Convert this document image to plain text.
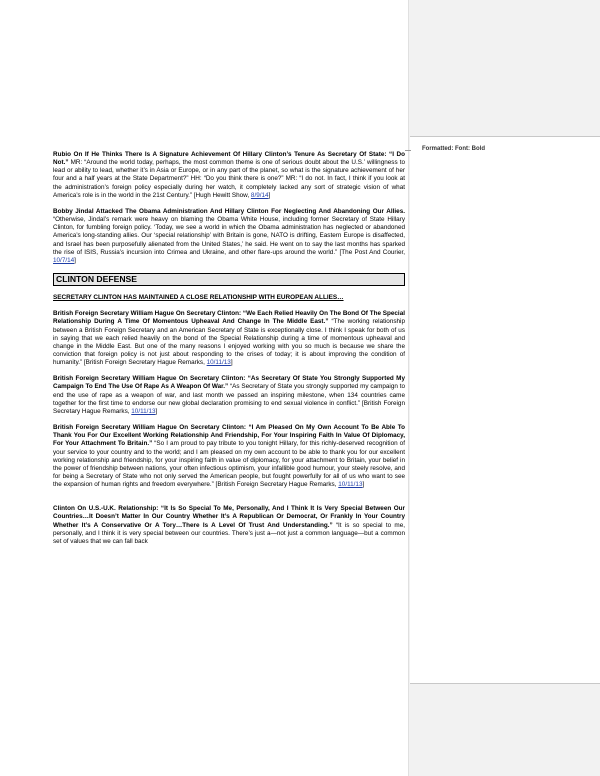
Formatted: Font: Bold

Rubio On If He Thinks There Is A Signature Achievement Of Hillary Clinton’s Tenure As Secretary Of State: “I Do Not.” MR: “Around the world today, perhaps, the most common theme is one of serious doubt about the U.S.’ willingness to lead or ability to lead, whether it’s in Asia or Europe, or in any part of the planet, so what is the signature achievement of her four and a half years at the State Department?” HH: “Do you think there is one?” MR: “I do not. In fact, I think if you look at the administration’s foreign policy especially during her watch, it completely lacked any sort of strategic vision of what America’s role is in the world in the 21st Century.” [Hugh Hewitt Show, 8/9/14]

Bobby Jindal Attacked The Obama Administration And Hillary Clinton For Neglecting And Abandoning Our Allies. “Otherwise, Jindal’s remark were heavy on blaming the Obama White House, including former Secretary of State Hillary Clinton, for fumbling foreign policy. ‘Today, we see a world in which the Obama administration has neglected or abandoned America’s long-standing allies. Our ‘special relationship’ with Britain is gone, NATO is drifting, Eastern Europe is disaffected, and Israel has been purposefully alienated from the United States,’ he said. He went on to say the last months has sparked the rise of ISIS, Russia’s incursion into Crimea and Ukraine, and other flare-ups around the world.” [The Post And Courier, 10/7/14]

CLINTON DEFENSE
SECRETARY CLINTON HAS MAINTAINED A CLOSE RELATIONSHIP WITH EUROPEAN ALLIES…

British Foreign Secretary William Hague On Secretary Clinton: “We Each Relied Heavily On The Bond Of The Special Relationship During A Time Of Momentous Upheaval And Change In The Middle East.” “The working relationship between a British Foreign Secretary and an American Secretary of State is exceptionally close. I think I speak for both of us in saying that we each relied heavily on the bond of the Special Relationship during a time of momentous upheaval and change in the Middle East. But one of the many reasons I enjoyed working with you so much is because we share the conviction that foreign policy is not just about responding to the crises of today; it is about improving the condition of humanity.” [British Foreign Secretary Hague Remarks, 10/11/13]

British Foreign Secretary William Hague On Secretary Clinton: “As Secretary Of State You Strongly Supported My Campaign To End The Use Of Rape As A Weapon Of War.” “As Secretary of State you strongly supported my campaign to end the use of rape as a weapon of war, and last month we passed an inspiring milestone, when 134 countries came together for the first time to endorse our new global declaration promising to end sexual violence in conflict.” [British Foreign Secretary Hague Remarks, 10/11/13]

British Foreign Secretary William Hague On Secretary Clinton: “I Am Pleased On My Own Account To Be Able To Thank You For Our Excellent Working Relationship And Friendship, For Your Inspiring Faith In Value Of Diplomacy, For Your Attachment To Britain.” “So I am proud to pay tribute to you tonight Hillary, for this richly-deserved recognition of your service to your country and to the world; and I am pleased on my own account to be able to thank you for our excellent working relationship and friendship, for your inspiring faith in value of diplomacy, for your attachment to Britain, your belief in the power of friendship between nations, your often infectious optimism, your infallible good humour, your steely resolve, and for being a Secretary of State who not only served the American people, but fought powerfully for all of us who want to see the expansion of human rights and freedom everywhere.” [British Foreign Secretary Hague Remarks, 10/11/13]

Clinton On U.S.-U.K. Relationship: “It Is So Special To Me, Personally, And I Think It Is Very Special Between Our Countries…It Doesn’t Matter In Our Country Whether It’s A Republican Or Democrat, Or Frankly In Your Country Whether It’s A Conservative Or A Tory…There Is A Level Of Trust And Understanding.” “It is so special to me, personally, and I think it is very special between our countries. There’s just a—not just a common language—but a common set of values that we can fall back
